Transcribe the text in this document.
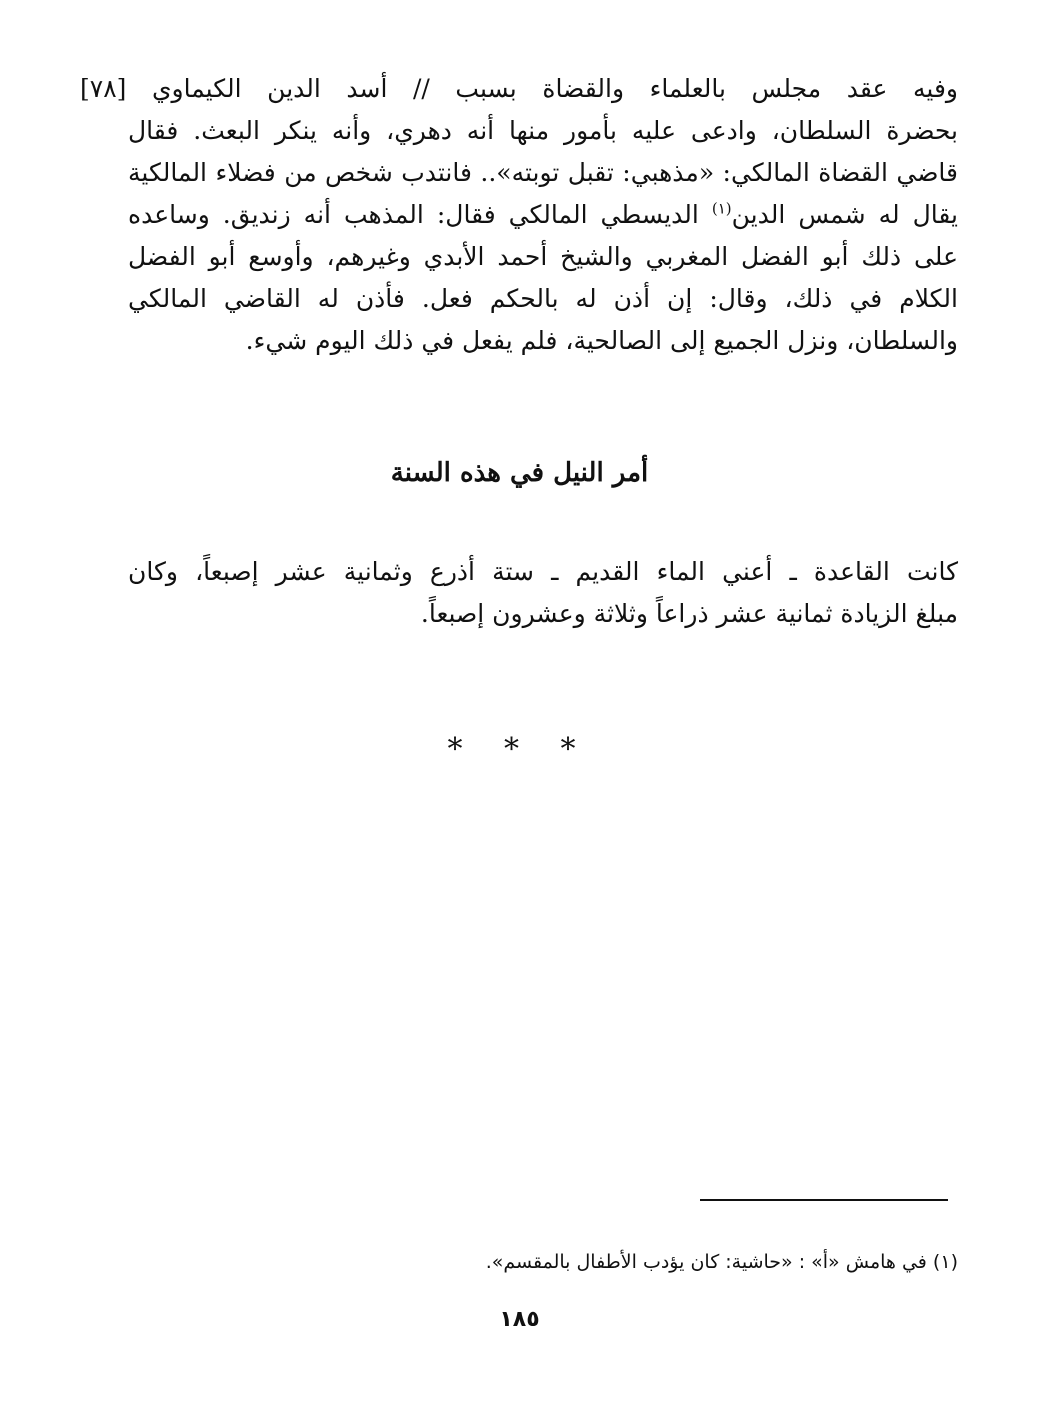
وفيه عقد مجلس بالعلماء والقضاة بسبب // أسد الدين الكيماوي [٧٨]
بحضرة السلطان، وادعى عليه بأمور منها أنه دهري، وأنه ينكر البعث. فقال
قاضي القضاة المالكي: «مذهبي: تقبل توبته».. فانتدب شخص من فضلاء المالكية
يقال له شمس الدين$^{(١)}$ الديسطي المالكي فقال: المذهب أنه زنديق. وساعده
على ذلك أبو الفضل المغربي والشيخ أحمد الأبدي وغيرهم، وأوسع أبو الفضل
الكلام في ذلك، وقال: إن أذن له بالحكم فعل. فأذن له القاضي المالكي
والسلطان، ونزل الجميع إلى الصالحية، فلم يفعل في ذلك اليوم شيء.
أمر النيل في هذه السنة
كانت القاعدة ـ أعني الماء القديم ـ ستة أذرع وثمانية عشر إصبعاً، وكان
مبلغ الزيادة ثمانية عشر ذراعاً وثلاثة وعشرون إصبعاً.
* * *
(١) في هامش «أ» : «حاشية: كان يؤدب الأطفال بالمقسم».
١٨٥
